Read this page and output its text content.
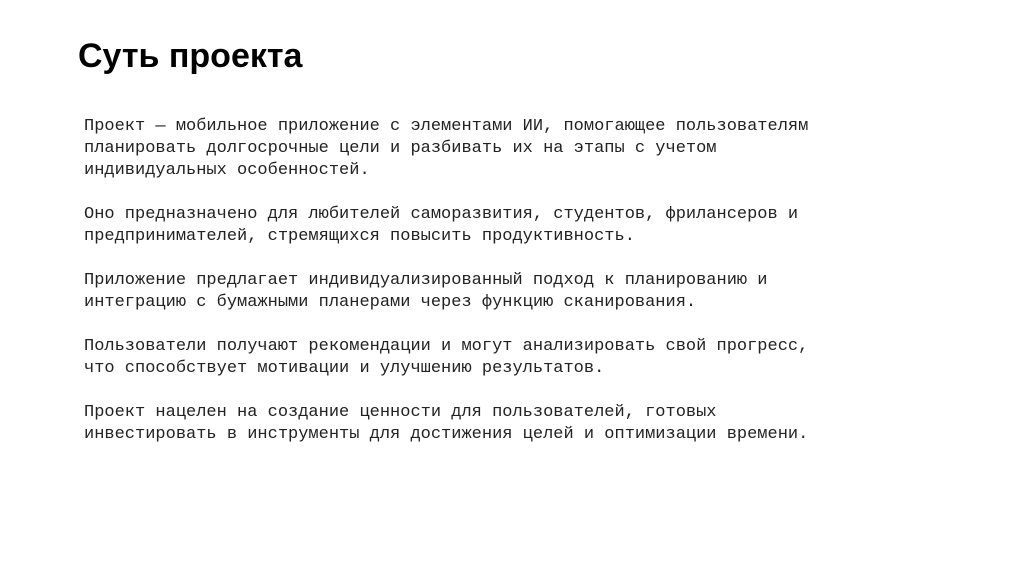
Суть проекта

Проект — мобильное приложение с элементами ИИ, помогающее пользователям
планировать долгосрочные цели и разбивать их на этапы с учетом
индивидуальных особенностей.

Оно предназначено для любителей саморазвития, студентов, фрилансеров и
предпринимателей, стремящихся повысить продуктивность.

Приложение предлагает индивидуализированный подход к планированию и
интеграцию с бумажными планерами через функцию сканирования.

Пользователи получают рекомендации и могут анализировать свой прогресс,
что способствует мотивации и улучшению результатов.

Проект нацелен на создание ценности для пользователей, готовых
инвестировать в инструменты для достижения целей и оптимизации времени.
